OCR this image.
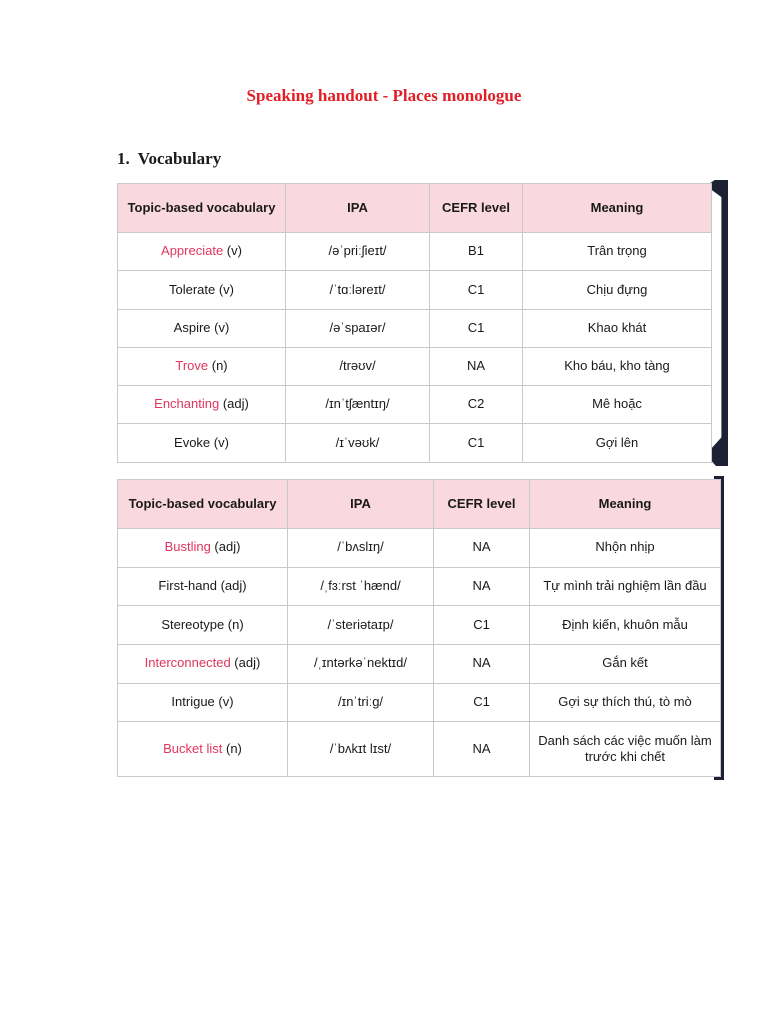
Speaking handout - Places monologue
1. Vocabulary
Topic-based vocabulary	IPA	CEFR level	Meaning
Appreciate (v)	/əˈpriːʃieɪt/	B1	Trân trọng
Tolerate (v)	/ˈtɑːləreɪt/	C1	Chịu đựng
Aspire (v)	/əˈspaɪər/	C1	Khao khát
Trove (n)	/trəʊv/	NA	Kho báu, kho tàng
Enchanting (adj)	/ɪnˈtʃæntɪŋ/	C2	Mê hoặc
Evoke (v)	/ɪˈvəʊk/	C1	Gợi lên
Topic-based vocabulary	IPA	CEFR level	Meaning
Bustling (adj)	/ˈbʌslɪŋ/	NA	Nhộn nhịp
First-hand (adj)	/ˌfɜːrst ˈhænd/	NA	Tự mình trải nghiệm lần đầu
Stereotype (n)	/ˈsteriətaɪp/	C1	Định kiến, khuôn mẫu
Interconnected (adj)	/ˌɪntərkəˈnektɪd/	NA	Gắn kết
Intrigue (v)	/ɪnˈtriːɡ/	C1	Gợi sự thích thú, tò mò
Bucket list (n)	/ˈbʌkɪt lɪst/	NA	Danh sách các việc muốn làm trước khi chết
